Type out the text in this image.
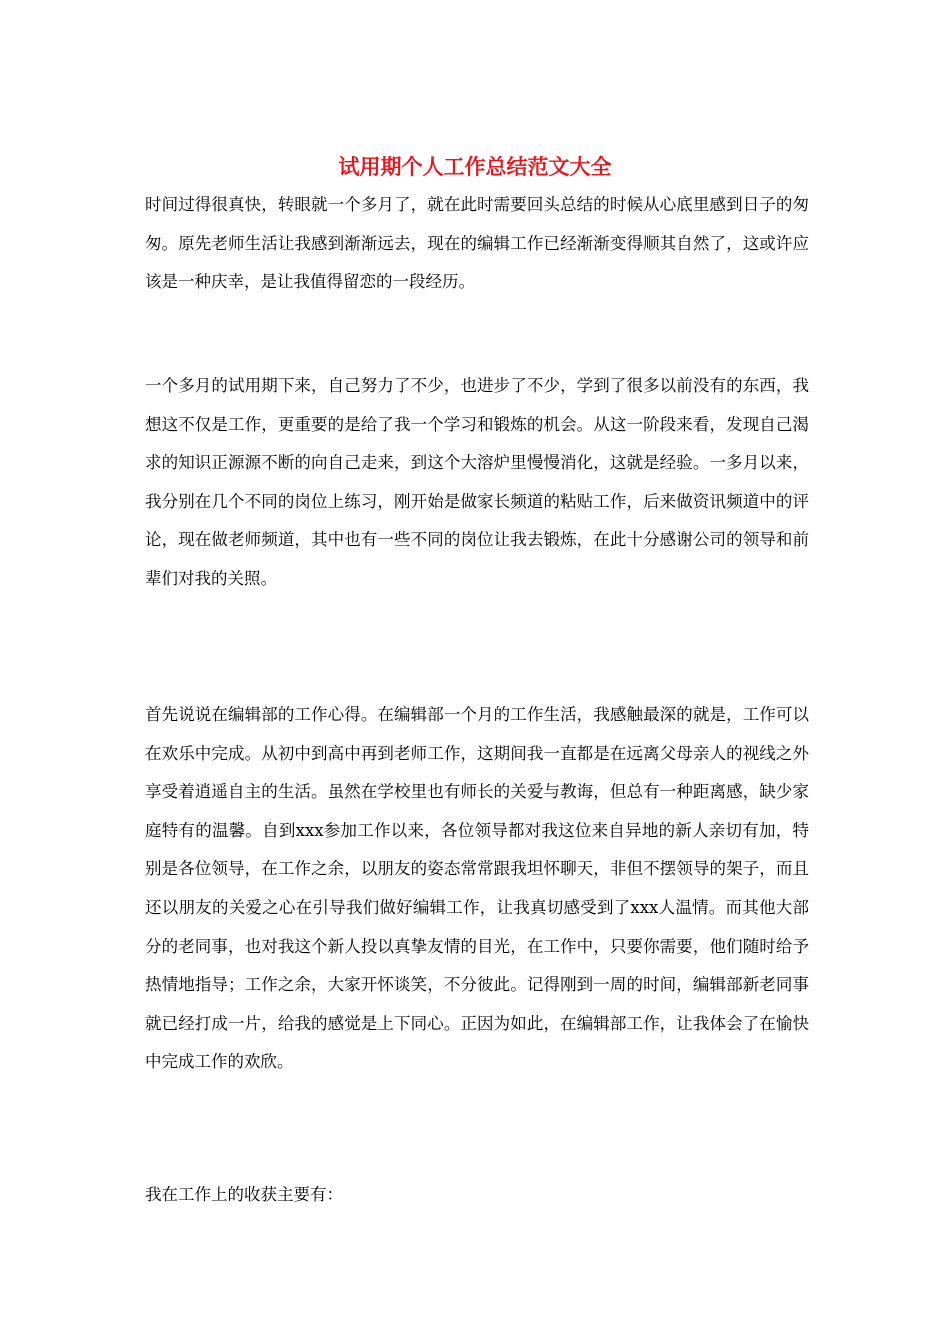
试用期个人工作总结范文大全

时间过得很真快，转眼就一个多月了，就在此时需要回头总结的时候从心底里感到日子的匆匆。原先老师生活让我感到渐渐远去，现在的编辑工作已经渐渐变得顺其自然了，这或许应该是一种庆幸，是让我值得留恋的一段经历。

一个多月的试用期下来，自己努力了不少，也进步了不少，学到了很多以前没有的东西，我想这不仅是工作，更重要的是给了我一个学习和锻炼的机会。从这一阶段来看，发现自己渴求的知识正源源不断的向自己走来，到这个大溶炉里慢慢消化，这就是经验。一多月以来，我分别在几个不同的岗位上练习，刚开始是做家长频道的粘贴工作，后来做资讯频道中的评论，现在做老师频道，其中也有一些不同的岗位让我去锻炼，在此十分感谢公司的领导和前辈们对我的关照。

首先说说在编辑部的工作心得。在编辑部一个月的工作生活，我感触最深的就是，工作可以在欢乐中完成。从初中到高中再到老师工作，这期间我一直都是在远离父母亲人的视线之外享受着逍遥自主的生活。虽然在学校里也有师长的关爱与教诲，但总有一种距离感，缺少家庭特有的温馨。自到xxx参加工作以来，各位领导都对我这位来自异地的新人亲切有加，特别是各位领导，在工作之余，以朋友的姿态常常跟我坦怀聊天，非但不摆领导的架子，而且还以朋友的关爱之心在引导我们做好编辑工作，让我真切感受到了xxx人温情。而其他大部分的老同事，也对我这个新人投以真挚友情的目光，在工作中，只要你需要，他们随时给予热情地指导；工作之余，大家开怀谈笑，不分彼此。记得刚到一周的时间，编辑部新老同事就已经打成一片，给我的感觉是上下同心。正因为如此，在编辑部工作，让我体会了在愉快中完成工作的欢欣。

我在工作上的收获主要有：
